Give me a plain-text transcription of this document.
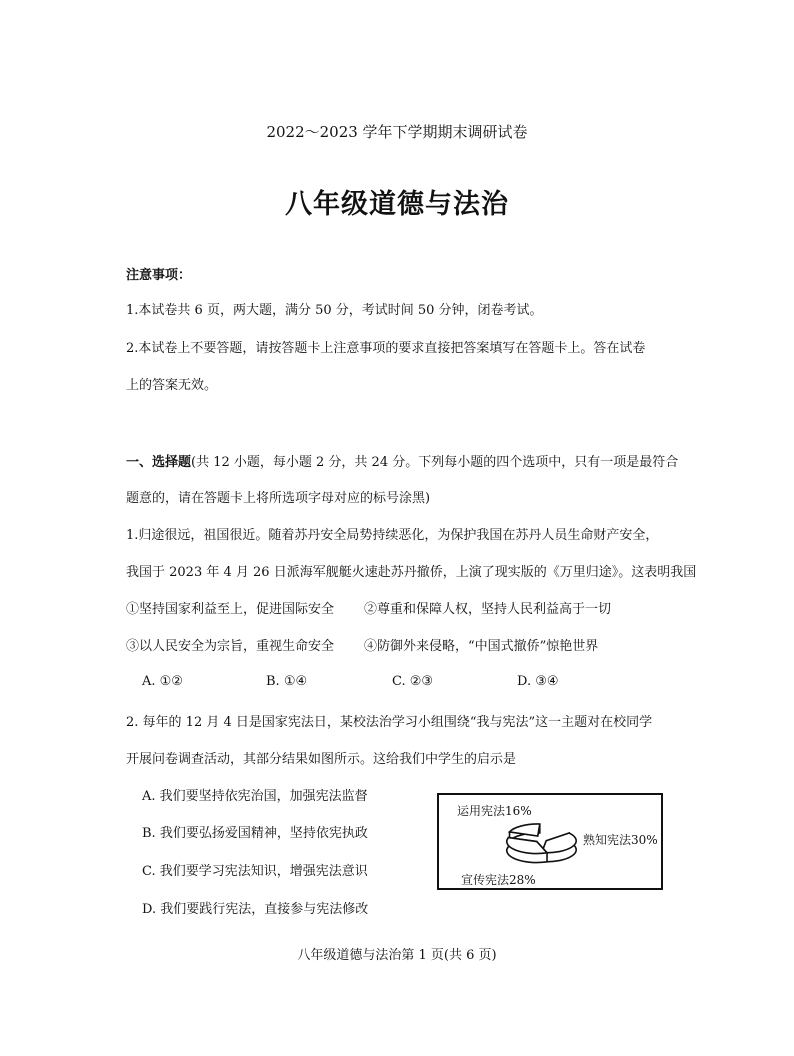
2022～2023 学年下学期期末调研试卷
八年级道德与法治
注意事项：
1.本试卷共 6 页，两大题，满分 50 分，考试时间 50 分钟，闭卷考试。
2.本试卷上不要答题，请按答题卡上注意事项的要求直接把答案填写在答题卡上。答在试卷
上的答案无效。
一、选择题(共 12 小题，每小题 2 分，共 24 分。下列每小题的四个选项中，只有一项是最符合
题意的，请在答题卡上将所选项字母对应的标号涂黑)
1.归途很远，祖国很近。随着苏丹安全局势持续恶化，为保护我国在苏丹人员生命财产安全，
我国于 2023 年 4 月 26 日派海军舰艇火速赴苏丹撤侨，上演了现实版的《万里归途》。这表明我国
①坚持国家利益至上，促进国际安全 ②尊重和保障人权，坚持人民利益高于一切
③以人民安全为宗旨，重视生命安全 ④防御外来侵略，“中国式撤侨”惊艳世界
A. ①②	B. ①④	C. ②③	D. ③④
2. 每年的 12 月 4 日是国家宪法日，某校法治学习小组围绕“我与宪法”这一主题对在校同学
开展问卷调查活动，其部分结果如图所示。这给我们中学生的启示是
A. 我们要坚持依宪治国，加强宪法监督
B. 我们要弘扬爱国精神，坚持依宪执政
C. 我们要学习宪法知识，增强宪法意识
D. 我们要践行宪法，直接参与宪法修改
运用宪法16%
熟知宪法30%
宣传宪法28%
八年级道德与法治第 1 页(共 6 页)
